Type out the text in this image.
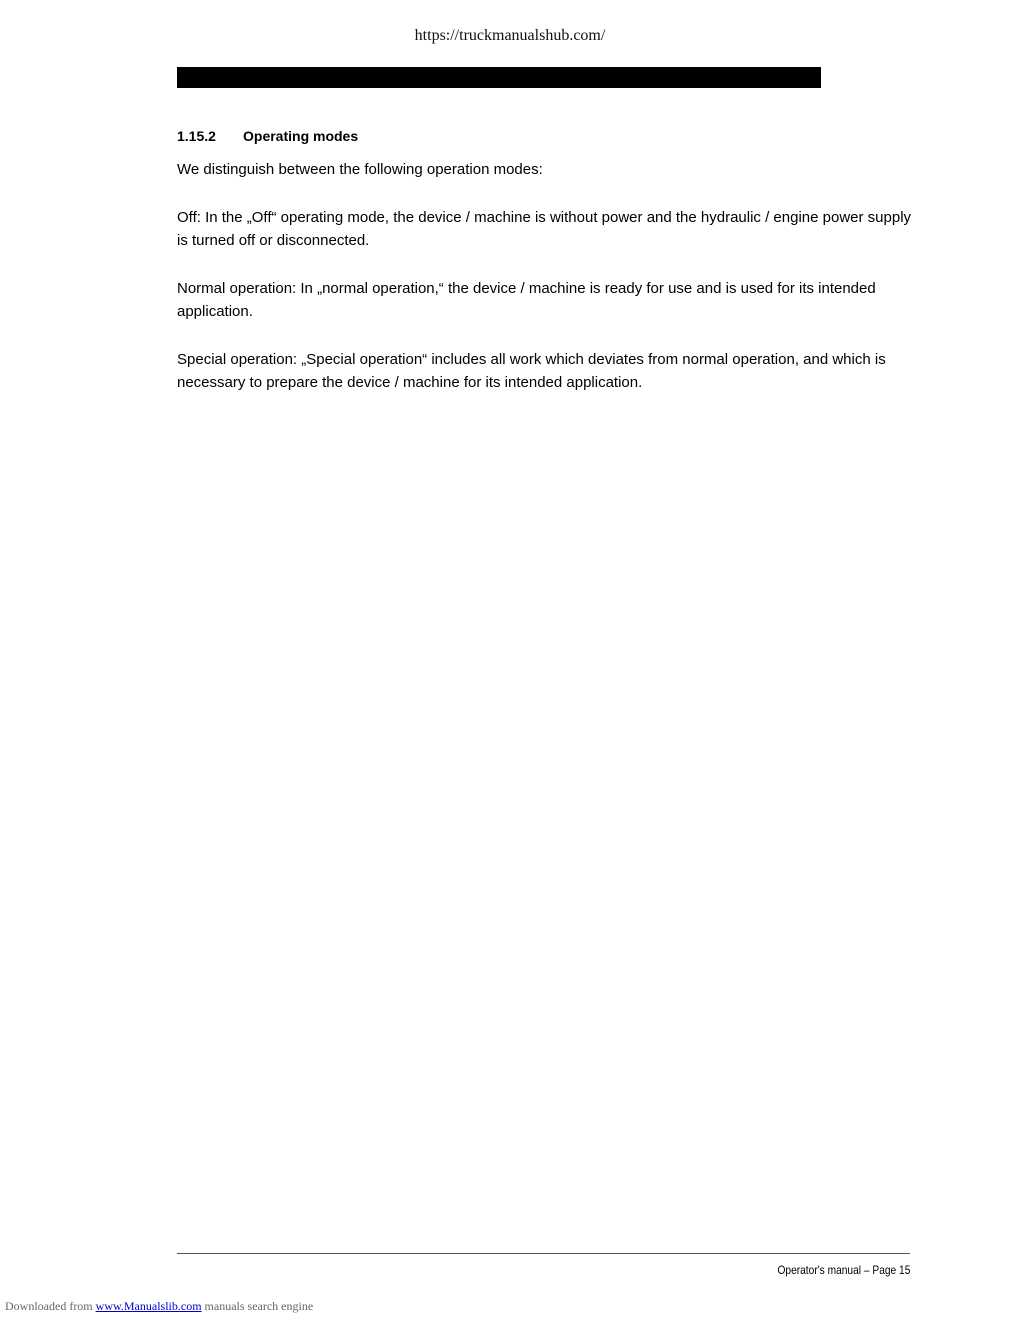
https://truckmanualshub.com/
1.15.2 Operating modes

We distinguish between the following operation modes:

Off: In the „Off“ operating mode, the device / machine is without power and the hydraulic / engine power supply is turned off or disconnected.

Normal operation: In „normal operation,“ the device / machine is ready for use and is used for its intended application.

Special operation: „Special operation“ includes all work which deviates from normal operation, and which is necessary to prepare the device / machine for its intended application.

Operator's manual – Page 15
Downloaded from www.Manualslib.com manuals search engine
